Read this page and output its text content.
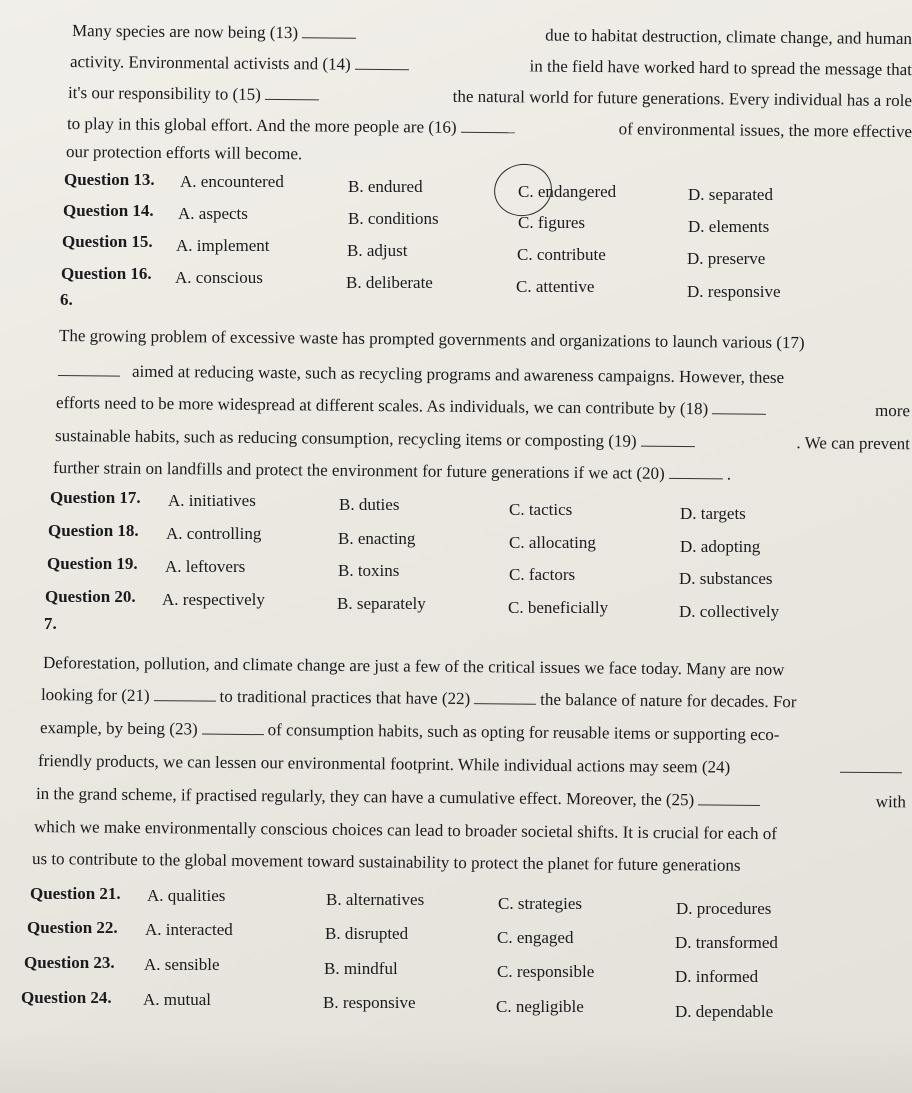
Many species are now being (13)	due to habitat destruction, climate change, and human
activity. Environmental activists and (14)	in the field have worked hard to spread the message that
it's our responsibility to (15)	the natural world for future generations. Every individual has a role
to play in this global effort. And the more people are (16)	of environmental issues, the more effective
our protection efforts will become.
Question 13. A. encountered	B. endured	C. endangered	D. separated
Question 14. A. aspects	B. conditions	C. figures	D. elements
Question 15. A. implement	B. adjust	C. contribute	D. preserve
Question 16. A. conscious	B. deliberate	C. attentive	D. responsive
6.
The growing problem of excessive waste has prompted governments and organizations to launch various (17)
aimed at reducing waste, such as recycling programs and awareness campaigns. However, these
efforts need to be more widespread at different scales. As individuals, we can contribute by (18)	more
sustainable habits, such as reducing consumption, recycling items or composting (19)	. We can prevent
further strain on landfills and protect the environment for future generations if we act (20)	.
Question 17. A. initiatives	B. duties	C. tactics	D. targets
Question 18. A. controlling	B. enacting	C. allocating	D. adopting
Question 19. A. leftovers	B. toxins	C. factors	D. substances
Question 20. A. respectively	B. separately	C. beneficially	D. collectively
7.
Deforestation, pollution, and climate change are just a few of the critical issues we face today. Many are now
looking for (21)	to traditional practices that have (22)	the balance of nature for decades. For
example, by being (23)	of consumption habits, such as opting for reusable items or supporting eco-
friendly products, we can lessen our environmental footprint. While individual actions may seem (24)
in the grand scheme, if practised regularly, they can have a cumulative effect. Moreover, the (25)	with
which we make environmentally conscious choices can lead to broader societal shifts. It is crucial for each of
us to contribute to the global movement toward sustainability to protect the planet for future generations
Question 21. A. qualities	B. alternatives	C. strategies	D. procedures
Question 22. A. interacted	B. disrupted	C. engaged	D. transformed
Question 23. A. sensible	B. mindful	C. responsible	D. informed
Question 24. A. mutual	B. responsive	C. negligible	D. dependable
